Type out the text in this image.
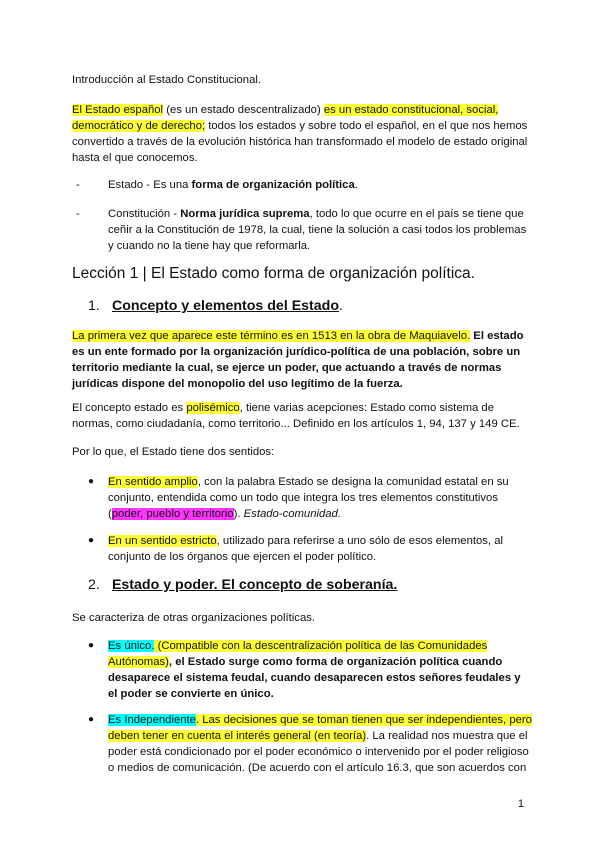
Introducción al Estado Constitucional.

El Estado español (es un estado descentralizado) es un estado constitucional, social, democrático y de derecho; todos los estados y sobre todo el español, en el que nos hemos convertido a través de la evolución histórica han transformado el modelo de estado original hasta el que conocemos.

- Estado - Es una forma de organización política.
- Constitución - Norma jurídica suprema, todo lo que ocurre en el país se tiene que ceñir a la Constitución de 1978, la cual, tiene la solución a casi todos los problemas y cuando no la tiene hay que reformarla.
Lección 1 | El Estado como forma de organización política.
1. Concepto y elementos del Estado.

La primera vez que aparece este término es en 1513 en la obra de Maquiavelo. El estado es un ente formado por la organización jurídico-política de una población, sobre un territorio mediante la cual, se ejerce un poder, que actuando a través de normas jurídicas dispone del monopolio del uso legítimo de la fuerza.

El concepto estado es polisémico, tiene varias acepciones: Estado como sistema de normas, como ciudadanía, como territorio... Definido en los artículos 1, 94, 137 y 149 CE.

Por lo que, el Estado tiene dos sentidos:

● En sentido amplio, con la palabra Estado se designa la comunidad estatal en su conjunto, entendida como un todo que integra los tres elementos constitutivos (poder, pueblo y territorio). Estado-comunidad.
● En un sentido estricto, utilizado para referirse a uno sólo de esos elementos, al conjunto de los órganos que ejercen el poder político.
2. Estado y poder. El concepto de soberanía.

Se caracteriza de otras organizaciones políticas.

● Es único. (Compatible con la descentralización política de las Comunidades Autónomas), el Estado surge como forma de organización política cuando desaparece el sistema feudal, cuando desaparecen estos señores feudales y el poder se convierte en único.
● Es Independiente. Las decisiones que se toman tienen que ser independientes, pero deben tener en cuenta el interés general (en teoría). La realidad nos muestra que el poder está condicionado por el poder económico o intervenido por el poder religioso o medios de comunicación. (De acuerdo con el artículo 16.3, que son acuerdos con
1
